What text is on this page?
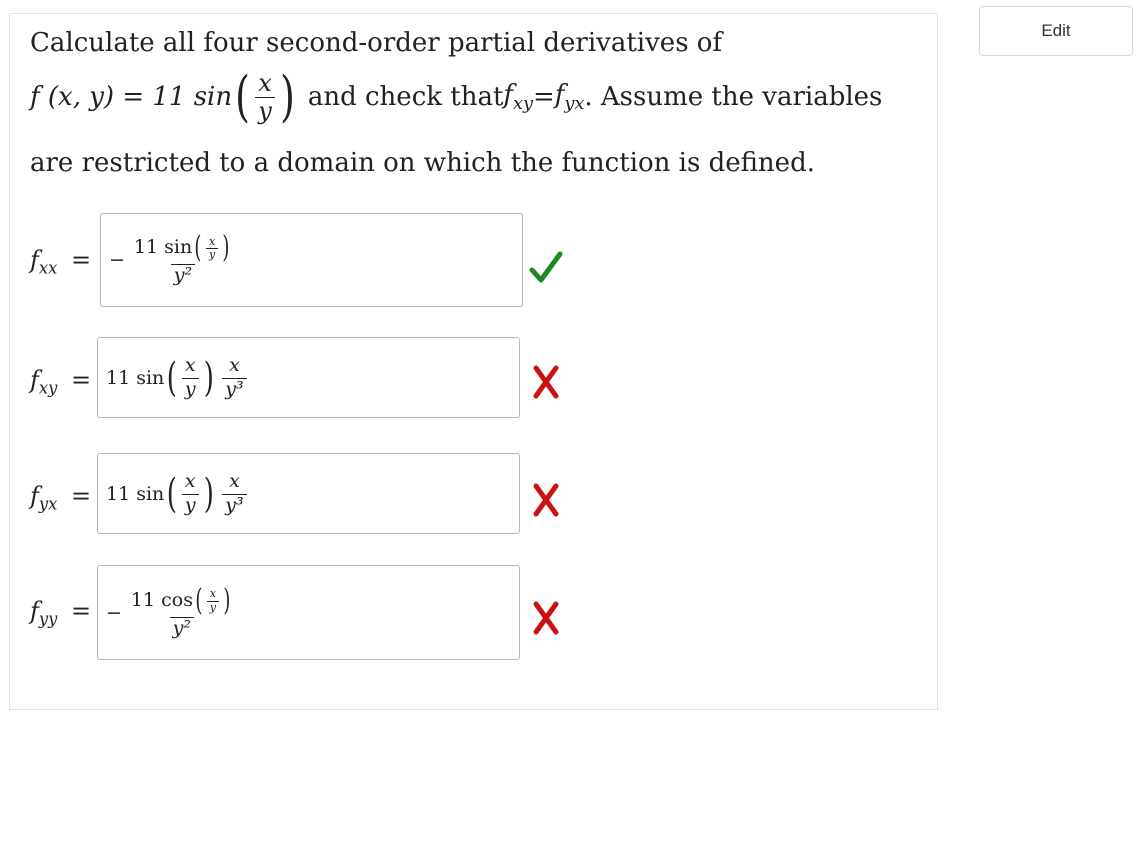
Edit
Calculate all four second-order partial derivatives of
f (x, y) = 11 sin ( $\frac{x}{y}$ ) and check that $f_{xy} = f_{yx}$ . Assume the variables
are restricted to a domain on which the function is defined.
$f_{xx}$ = − 11
sin ( $\frac{x}{y}$ )
y²
$f_{xy} = 11$
sin ( $\frac{x}{y}$ ) $\frac{x}{\text{y³}}$
$f_{yx} = 11$
sin ( $\frac{x}{y}$ ) $\frac{x}{\text{y³}}$
$f_{yy}$ = − 11
cos ( $\frac{x}{y}$ )
y²
